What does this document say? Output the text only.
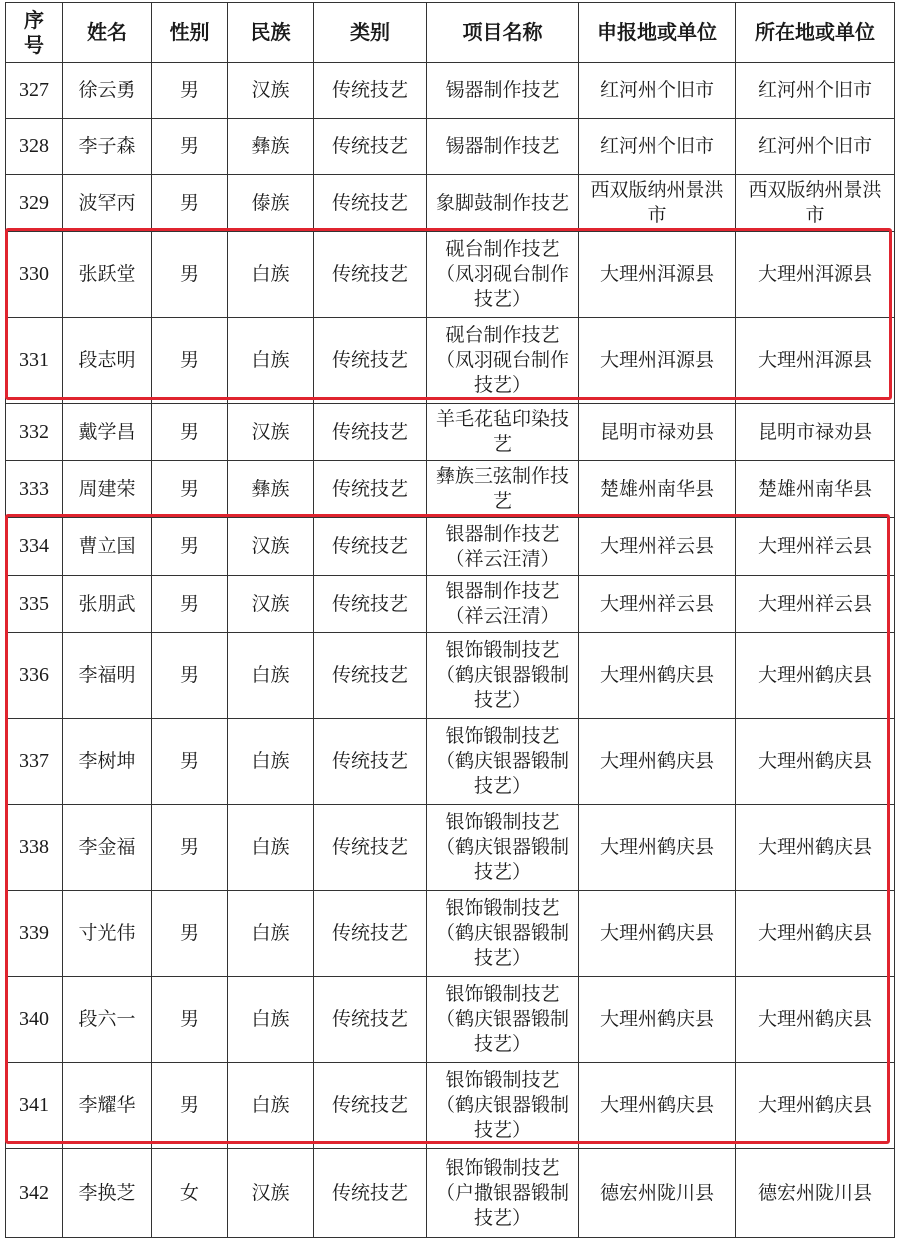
序号	姓名	性别	民族	类别	项目名称	申报地或单位	所在地或单位

327	徐云勇	男	汉族	传统技艺	锡器制作技艺	红河州个旧市	红河州个旧市

328	李子森	男	彝族	传统技艺	锡器制作技艺	红河州个旧市	红河州个旧市

329	波罕丙	男	傣族	传统技艺	象脚鼓制作技艺	西双版纳州景洪市	西双版纳州景洪市

330	张跃堂	男	白族	传统技艺	砚台制作技艺（凤羽砚台制作技艺）	大理州洱源县	大理州洱源县

331	段志明	男	白族	传统技艺	砚台制作技艺（凤羽砚台制作技艺）	大理州洱源县	大理州洱源县

332	戴学昌	男	汉族	传统技艺	羊毛花毡印染技艺	昆明市禄劝县	昆明市禄劝县

333	周建荣	男	彝族	传统技艺	彝族三弦制作技艺	楚雄州南华县	楚雄州南华县

334	曹立国	男	汉族	传统技艺	银器制作技艺（祥云汪清）	大理州祥云县	大理州祥云县

335	张朋武	男	汉族	传统技艺	银器制作技艺（祥云汪清）	大理州祥云县	大理州祥云县

336	李福明	男	白族	传统技艺	银饰锻制技艺（鹤庆银器锻制技艺）	大理州鹤庆县	大理州鹤庆县

337	李树坤	男	白族	传统技艺	银饰锻制技艺（鹤庆银器锻制技艺）	大理州鹤庆县	大理州鹤庆县

338	李金福	男	白族	传统技艺	银饰锻制技艺（鹤庆银器锻制技艺）	大理州鹤庆县	大理州鹤庆县

339	寸光伟	男	白族	传统技艺	银饰锻制技艺（鹤庆银器锻制技艺）	大理州鹤庆县	大理州鹤庆县

340	段六一	男	白族	传统技艺	银饰锻制技艺（鹤庆银器锻制技艺）	大理州鹤庆县	大理州鹤庆县

341	李耀华	男	白族	传统技艺	银饰锻制技艺（鹤庆银器锻制技艺）	大理州鹤庆县	大理州鹤庆县

342	李换芝	女	汉族	传统技艺	银饰锻制技艺（户撒银器锻制技艺）	德宏州陇川县	德宏州陇川县
